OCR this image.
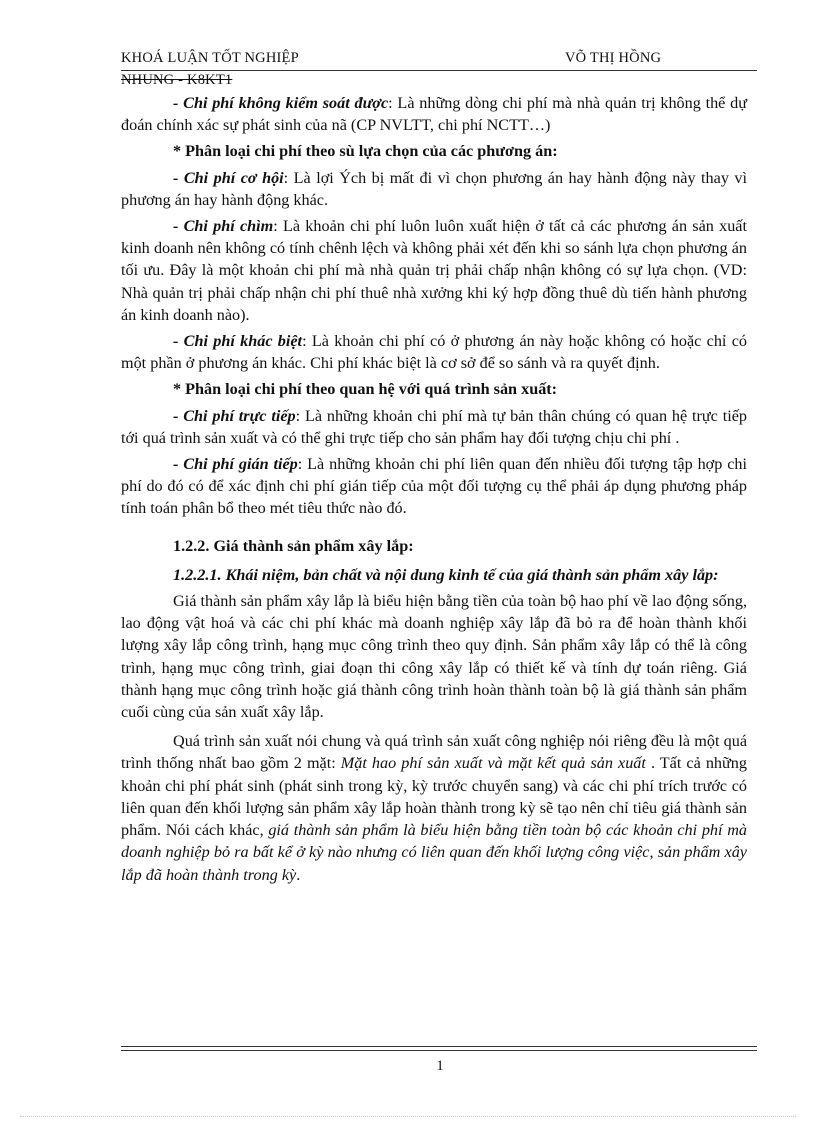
KHOÁ LUẬN TỐT NGHIỆP	VÕ THỊ HỒNG
NHUNG - K8KT1

- Chi phí không kiểm soát được: Là những dòng chi phí mà nhà quản trị không thể dự đoán chính xác sự phát sinh của nã (CP NVLTT, chi phí NCTT…)

* Phân loại chi phí theo sù lựa chọn của các phương án:

- Chi phí cơ hội: Là lợi Ých bị mất đi vì chọn phương án hay hành động này thay vì phương án hay hành động khác.

- Chi phí chìm: Là khoản chi phí luôn luôn xuất hiện ở tất cả các phương án sản xuất kinh doanh nên không có tính chênh lệch và không phải xét đến khi so sánh lựa chọn phương án tối ưu. Đây là một khoản chi phí mà nhà quản trị phải chấp nhận không có sự lựa chọn. (VD: Nhà quản trị phải chấp nhận chi phí thuê nhà xưởng khi ký hợp đồng thuê dù tiến hành phương án kinh doanh nào).

- Chi phí khác biệt: Là khoản chi phí có ở phương án này hoặc không có hoặc chỉ có một phần ở phương án khác. Chi phí khác biệt là cơ sở để so sánh và ra quyết định.

* Phân loại chi phí theo quan hệ với quá trình sản xuất:

- Chi phí trực tiếp: Là những khoản chi phí mà tự bản thân chúng có quan hệ trực tiếp tới quá trình sản xuất và có thể ghi trực tiếp cho sản phẩm hay đối tượng chịu chi phí .

- Chi phí gián tiếp: Là những khoản chi phí liên quan đến nhiều đối tượng tập hợp chi phí do đó có để xác định chi phí gián tiếp của một đối tượng cụ thể phải áp dụng phương pháp tính toán phân bổ theo mét tiêu thức nào đó.

1.2.2. Giá thành sản phẩm xây lắp:

1.2.2.1. Khái niệm, bản chất và nội dung kinh tế của giá thành sản phẩm xây lắp:

Giá thành sản phẩm xây lắp là biểu hiện bằng tiền của toàn bộ hao phí về lao động sống, lao động vật hoá và các chi phí khác mà doanh nghiệp xây lắp đã bỏ ra để hoàn thành khối lượng xây lắp công trình, hạng mục công trình theo quy định. Sản phẩm xây lắp có thể là công trình, hạng mục công trình, giai đoạn thi công xây lắp có thiết kế và tính dự toán riêng. Giá thành hạng mục công trình hoặc giá thành công trình hoàn thành toàn bộ là giá thành sản phẩm cuối cùng của sản xuất xây lắp.

Quá trình sản xuất nói chung và quá trình sản xuất công nghiệp nói riêng đều là một quá trình thống nhất bao gồm 2 mặt: Mặt hao phí sản xuất và mặt kết quả sản xuất . Tất cả những khoản chi phí phát sinh (phát sinh trong kỳ, kỳ trước chuyển sang) và các chi phí trích trước có liên quan đến khối lượng sản phẩm xây lắp hoàn thành trong kỳ sẽ tạo nên chỉ tiêu giá thành sản phẩm. Nói cách khác, giá thành sản phẩm là biểu hiện bằng tiền toàn bộ các khoản chi phí mà doanh nghiệp bỏ ra bất kể ở kỳ nào nhưng có liên quan đến khối lượng công việc, sản phẩm xây lắp đã hoàn thành trong kỳ.

1
